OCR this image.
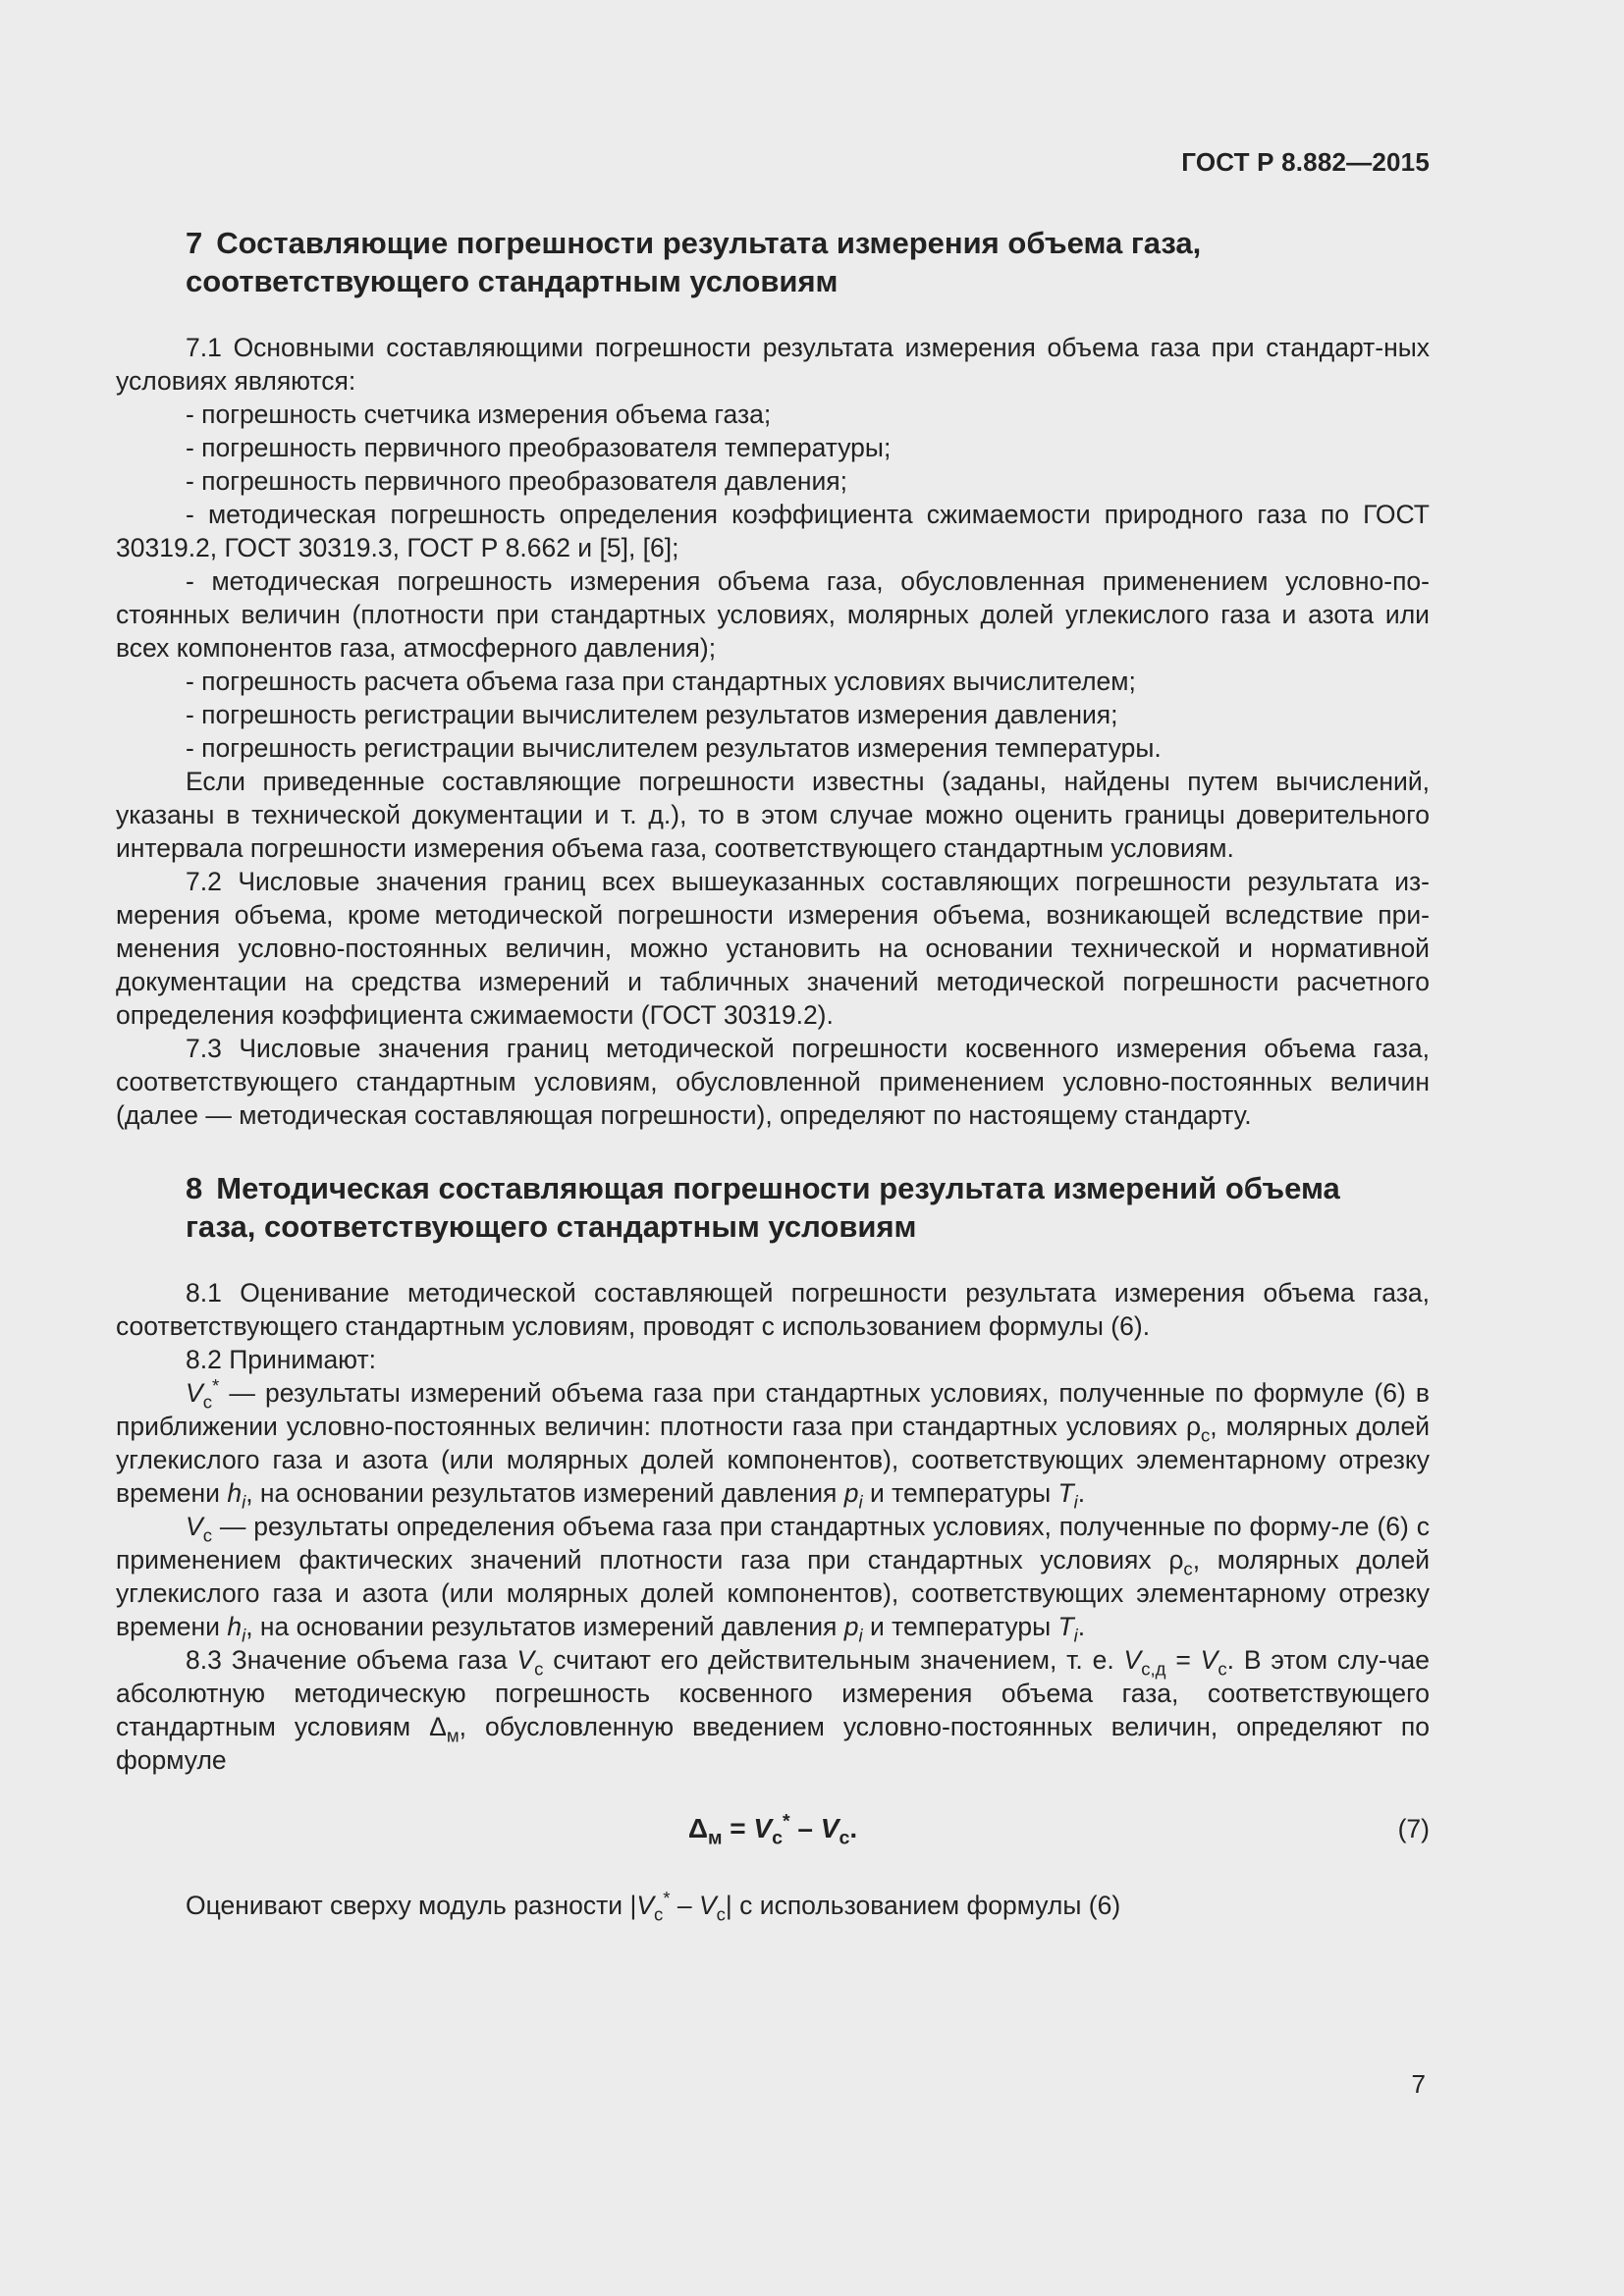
ГОСТ Р 8.882—2015
7 Составляющие погрешности результата измерения объема газа,
соответствующего стандартным условиям

7.1 Основными составляющими погрешности результата измерения объема газа при стандарт-ных условиях являются:

- погрешность счетчика измерения объема газа;

- погрешность первичного преобразователя температуры;

- погрешность первичного преобразователя давления;

- методическая погрешность определения коэффициента сжимаемости природного газа по ГОСТ 30319.2, ГОСТ 30319.3, ГОСТ Р 8.662 и [5], [6];

- методическая погрешность измерения объема газа, обусловленная применением условно-по-стоянных величин (плотности при стандартных условиях, молярных долей углекислого газа и азота или всех компонентов газа, атмосферного давления);

- погрешность расчета объема газа при стандартных условиях вычислителем;

- погрешность регистрации вычислителем результатов измерения давления;

- погрешность регистрации вычислителем результатов измерения температуры.

Если приведенные составляющие погрешности известны (заданы, найдены путем вычислений, указаны в технической документации и т. д.), то в этом случае можно оценить границы доверительного интервала погрешности измерения объема газа, соответствующего стандартным условиям.

7.2 Числовые значения границ всех вышеуказанных составляющих погрешности результата из-мерения объема, кроме методической погрешности измерения объема, возникающей вследствие при-менения условно-постоянных величин, можно установить на основании технической и нормативной документации на средства измерений и табличных значений методической погрешности расчетного определения коэффициента сжимаемости (ГОСТ 30319.2).

7.3 Числовые значения границ методической погрешности косвенного измерения объема газа, соответствующего стандартным условиям, обусловленной применением условно-постоянных величин (далее — методическая составляющая погрешности), определяют по настоящему стандарту.

8 Методическая составляющая погрешности результата измерений объема
газа, соответствующего стандартным условиям

8.1 Оценивание методической составляющей погрешности результата измерения объема газа, соответствующего стандартным условиям, проводят с использованием формулы (6).

8.2 Принимают:

$V_с^*$ — результаты измерений объема газа при стандартных условиях, полученные по формуле (6) в приближении условно-постоянных величин: плотности газа при стандартных условиях $\rho_с$, молярных долей углекислого газа и азота (или молярных долей компонентов), соответствующих элементарному отрезку времени $h_i$, на основании результатов измерений давления $p_i$ и температуры $T_i$.

$V_с$ — результаты определения объема газа при стандартных условиях, полученные по форму-ле (6) с применением фактических значений плотности газа при стандартных условиях $\rho_с$, молярных долей углекислого газа и азота (или молярных долей компонентов), соответствующих элементарному отрезку времени $h_i$, на основании результатов измерений давления $p_i$ и температуры $T_i$.

8.3 Значение объема газа $V_с$ считают его действительным значением, т. е. $V_{с,д} = V_с$. В этом слу-чае абсолютную методическую погрешность косвенного измерения объема газа, соответствующего стандартным условиям $\Delta_м$, обусловленную введением условно-постоянных величин, определяют по формуле

$\Delta_м = V_с^* - V_с$.	(7)

Оценивают сверху модуль разности $|V_с^* - V_с|$ с использованием формулы (6)

7
